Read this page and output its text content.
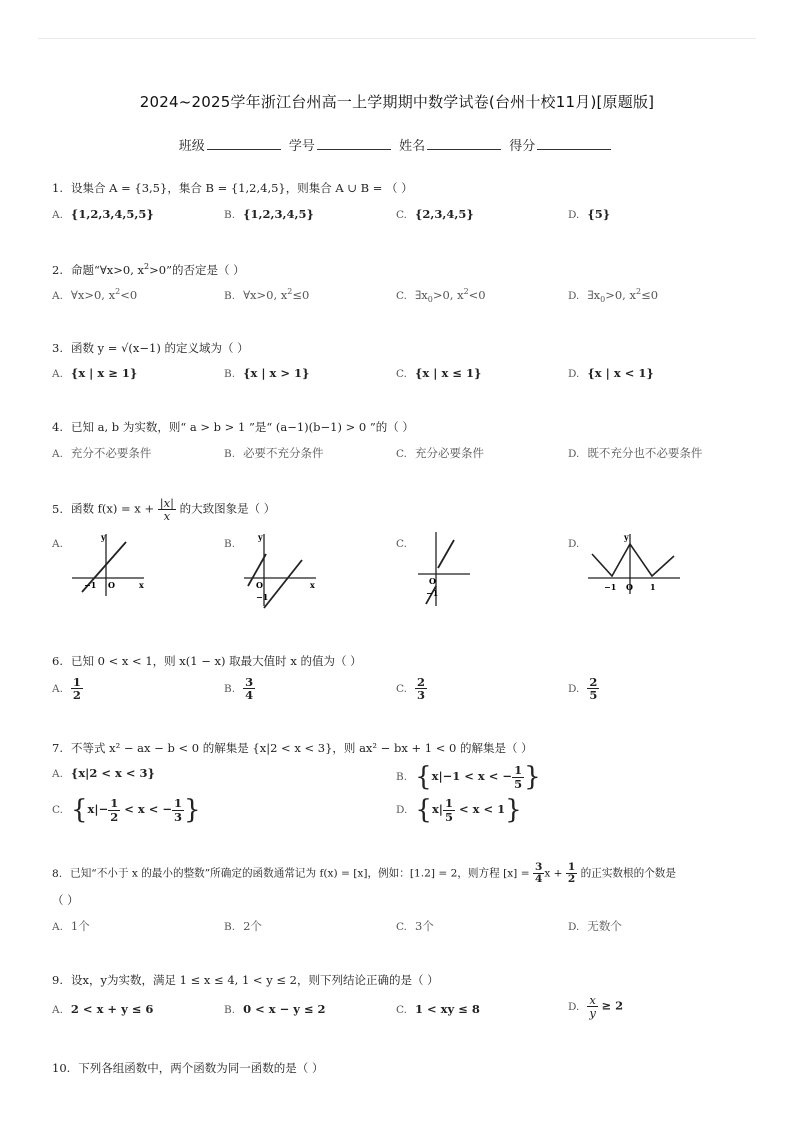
2024~2025学年浙江台州高一上学期期中数学试卷(台州十校11月)[原题版]
班级	学号	姓名	得分
1. 设集合 A = {3,5}，集合 B = {1,2,4,5}，则集合 A ∪ B = （ ）
A. {1,2,3,4,5,5}	B. {1,2,3,4,5}	C. {2,3,4,5}	D. {5}
2. 命题“∀x>0, $x^2>0$”的否定是（ ）
A. ∀x>0, $x^2<0$	B. ∀x>0, $x^2\le 0$	C. $\exists x_0>0$, $x^2<0$	D. $\exists x_0>0$, $x^2\le 0$
3. 函数 y = √(x−1) 的定义域为（ ）
A. {x | x ≥ 1}	B. {x | x > 1}	C. {x | x ≤ 1}	D. {x | x < 1}
4. 已知 a, b 为实数，则“ a > b > 1 ”是“ (a−1)(b−1) > 0 ”的（ ）
A. 充分不必要条件	B. 必要不充分条件	C. 充分必要条件	D. 既不充分也不必要条件
5. 函数 $f(x) = x + \frac{|x|}{x}$ 的大致图象是（ ）
A.	B.	C.	D.
y
x
−1 O
y
x
O
−1
O
−1
y
−1 O 1
6. 已知 0 < x < 1，则 x(1 − x) 取最大值时 x 的值为（ ）
A. $\frac{1}{2}$	B. $\frac{3}{4}$	C. $\frac{2}{3}$	D. $\frac{2}{5}$
7. 不等式 x² − ax − b < 0 的解集是 {x|2 < x < 3}，则 ax² − bx + 1 < 0 的解集是（ ）
A. {x|2 < x < 3}	B. {x|−1 < x < − $\frac{1}{5}$ }
C. {$x|- \frac{1}{2} < x$ < − $\frac{1}{3}$ }	D. $\{x| \frac{1}{5} < x < 1\}$
8. 已知“不小于 x 的最小的整数”所确定的函数通常记为 f(x) = [x]，例如：[1.2] = 2，则方程 $[x] = \frac{3}{4}$ $x + \frac{1}{2}$ 的正实数根的个数是
（ ）
A. 1个	B. 2个	C. 3个	D. 无数个
9. 设x，y为实数，满足 1 ≤ x ≤ 4, 1 < y ≤ 2，则下列结论正确的是（ ）
A. 2 < x + y ≤ 6	B. 0 < x − y ≤ 2	C. 1 < xy ≤ 8	D. $\frac{x}{y} \ge 2$
10. 下列各组函数中，两个函数为同一函数的是（ ）
